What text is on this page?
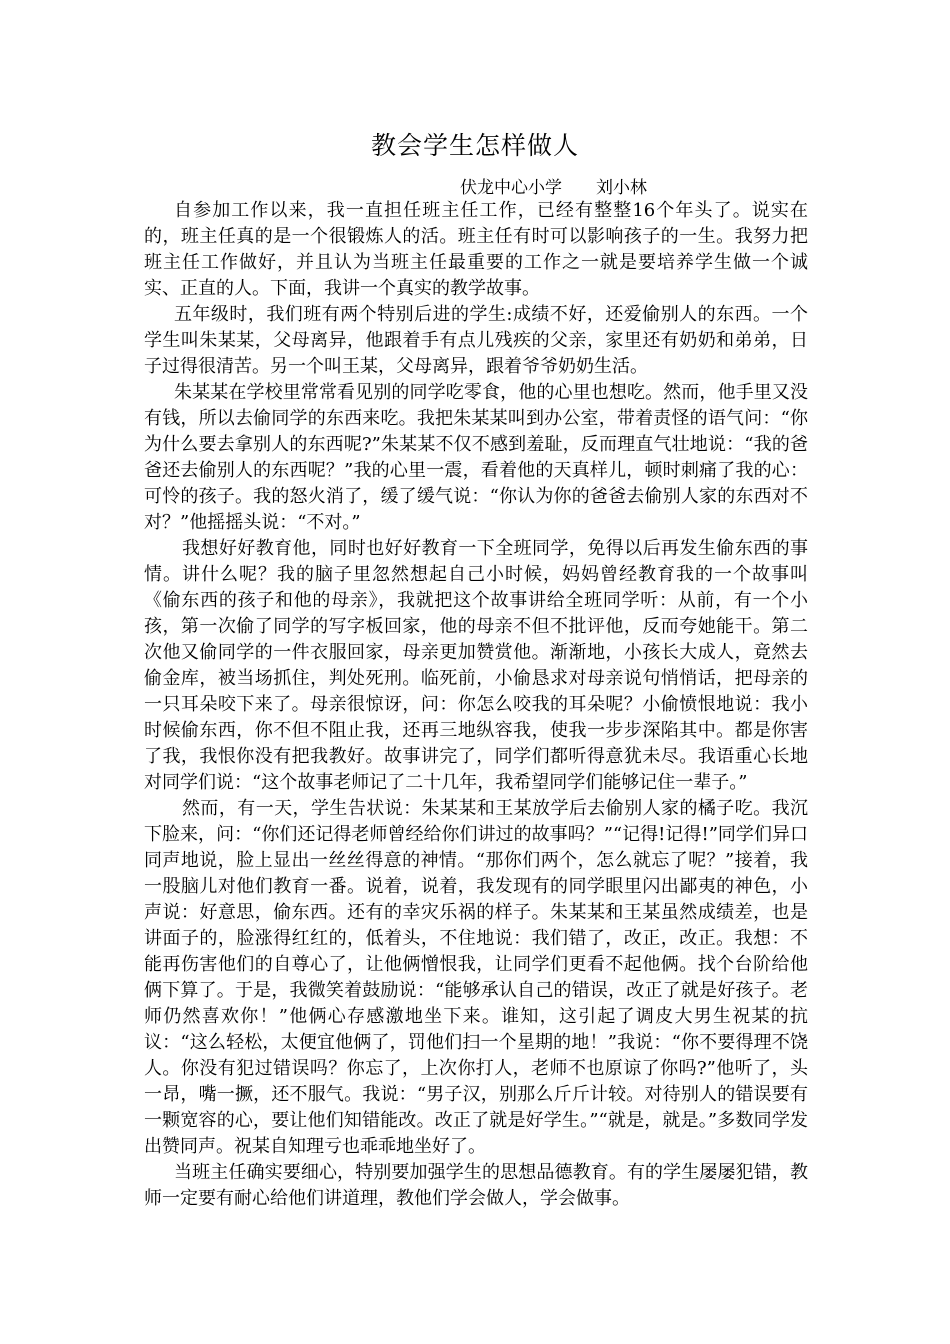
教会学生怎样做人
伏龙中心小学　　刘小林

自参加工作以来，我一直担任班主任工作，已经有整整16个年头了。说实在的，班主任真的是一个很锻炼人的活。班主任有时可以影响孩子的一生。我努力把班主任工作做好，并且认为当班主任最重要的工作之一就是要培养学生做一个诚实、正直的人。下面，我讲一个真实的教学故事。

五年级时，我们班有两个特别后进的学生:成绩不好，还爱偷别人的东西。一个学生叫朱某某，父母离异，他跟着手有点儿残疾的父亲，家里还有奶奶和弟弟，日子过得很清苦。另一个叫王某，父母离异，跟着爷爷奶奶生活。

朱某某在学校里常常看见别的同学吃零食，他的心里也想吃。然而，他手里又没有钱，所以去偷同学的东西来吃。我把朱某某叫到办公室，带着责怪的语气问：“你为什么要去拿别人的东西呢?”朱某某不仅不感到羞耻，反而理直气壮地说：“我的爸爸还去偷别人的东西呢？”我的心里一震，看着他的天真样儿，顿时刺痛了我的心：可怜的孩子。我的怒火消了，缓了缓气说：“你认为你的爸爸去偷别人家的东西对不对？”他摇摇头说：“不对。”

我想好好教育他，同时也好好教育一下全班同学，免得以后再发生偷东西的事情。讲什么呢？我的脑子里忽然想起自己小时候，妈妈曾经教育我的一个故事叫《偷东西的孩子和他的母亲》，我就把这个故事讲给全班同学听：从前，有一个小孩，第一次偷了同学的写字板回家，他的母亲不但不批评他，反而夸她能干。第二次他又偷同学的一件衣服回家，母亲更加赞赏他。渐渐地，小孩长大成人，竟然去偷金库，被当场抓住，判处死刑。临死前，小偷恳求对母亲说句悄悄话，把母亲的一只耳朵咬下来了。母亲很惊讶，问：你怎么咬我的耳朵呢？小偷愤恨地说：我小时候偷东西，你不但不阻止我，还再三地纵容我，使我一步步深陷其中。都是你害了我，我恨你没有把我教好。故事讲完了，同学们都听得意犹未尽。我语重心长地对同学们说：“这个故事老师记了二十几年，我希望同学们能够记住一辈子。”

然而，有一天，学生告状说：朱某某和王某放学后去偷别人家的橘子吃。我沉下脸来，问：“你们还记得老师曾经给你们讲过的故事吗？”“记得!记得!”同学们异口同声地说，脸上显出一丝丝得意的神情。“那你们两个，怎么就忘了呢？”接着，我一股脑儿对他们教育一番。说着，说着，我发现有的同学眼里闪出鄙夷的神色，小声说：好意思，偷东西。还有的幸灾乐祸的样子。朱某某和王某虽然成绩差，也是讲面子的，脸涨得红红的，低着头，不住地说：我们错了，改正，改正。我想：不能再伤害他们的自尊心了，让他俩憎恨我，让同学们更看不起他俩。找个台阶给他俩下算了。于是，我微笑着鼓励说：“能够承认自己的错误，改正了就是好孩子。老师仍然喜欢你！”他俩心存感激地坐下来。谁知，这引起了调皮大男生祝某的抗议：“这么轻松，太便宜他俩了，罚他们扫一个星期的地！”我说：“你不要得理不饶人。你没有犯过错误吗？你忘了，上次你打人，老师不也原谅了你吗?”他听了，头一昂，嘴一撅，还不服气。我说：“男子汉，别那么斤斤计较。对待别人的错误要有一颗宽容的心，要让他们知错能改。改正了就是好学生。”“就是，就是。”多数同学发出赞同声。祝某自知理亏也乖乖地坐好了。

当班主任确实要细心，特别要加强学生的思想品德教育。有的学生屡屡犯错，教师一定要有耐心给他们讲道理，教他们学会做人，学会做事。
